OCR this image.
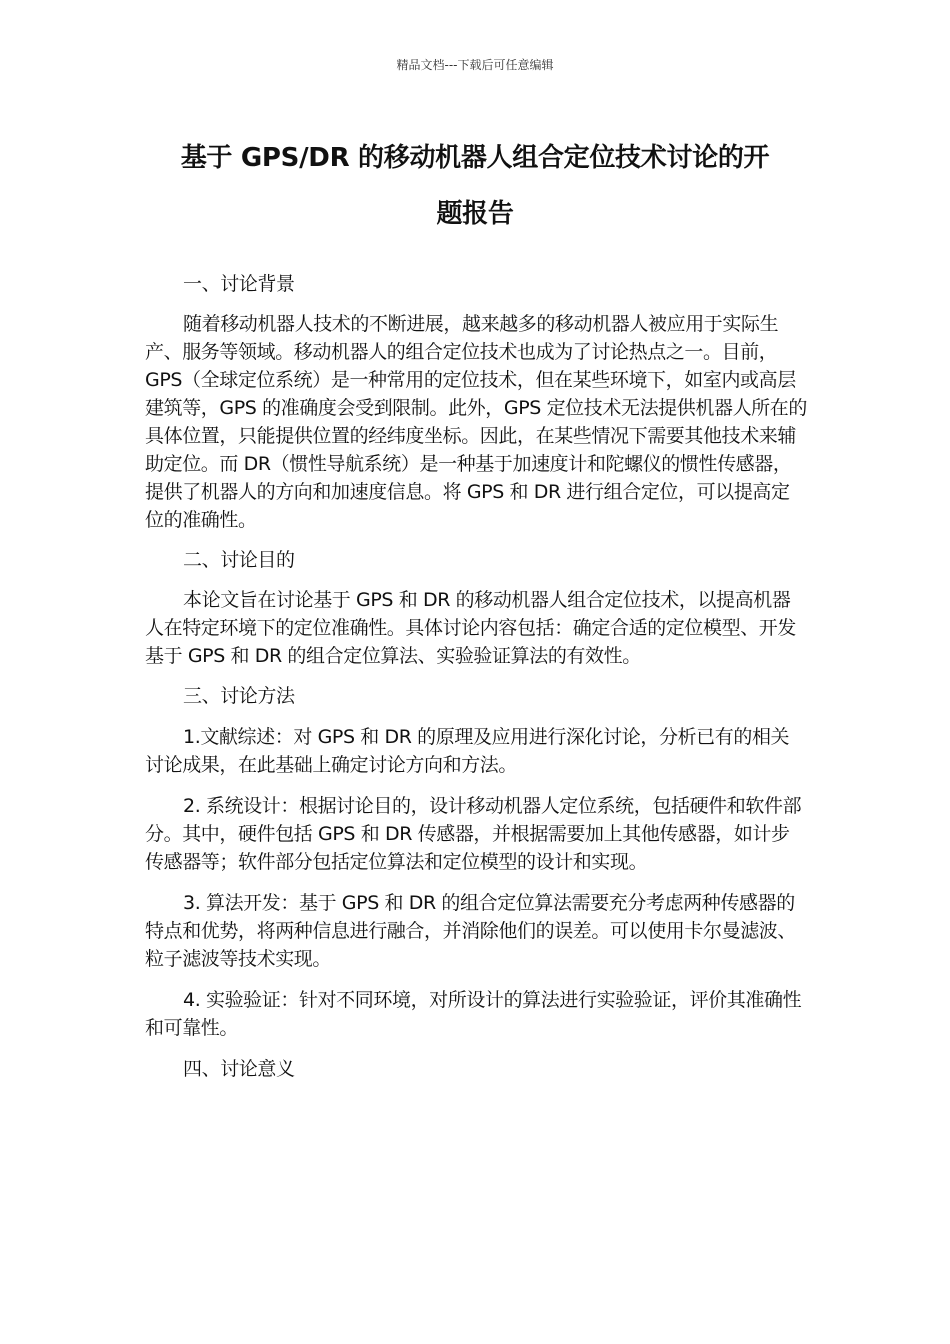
精品文档---下载后可任意编辑
基于 GPS/DR 的移动机器人组合定位技术讨论的开
题报告

一、讨论背景

随着移动机器人技术的不断进展，越来越多的移动机器人被应用于实际生产、服务等领域。移动机器人的组合定位技术也成为了讨论热点之一。目前，GPS（全球定位系统）是一种常用的定位技术，但在某些环境下，如室内或高层建筑等，GPS 的准确度会受到限制。此外，GPS 定位技术无法提供机器人所在的具体位置，只能提供位置的经纬度坐标。因此，在某些情况下需要其他技术来辅助定位。而 DR（惯性导航系统）是一种基于加速度计和陀螺仪的惯性传感器，提供了机器人的方向和加速度信息。将 GPS 和 DR 进行组合定位，可以提高定位的准确性。

二、讨论目的

本论文旨在讨论基于 GPS 和 DR 的移动机器人组合定位技术，以提高机器人在特定环境下的定位准确性。具体讨论内容包括：确定合适的定位模型、开发基于 GPS 和 DR 的组合定位算法、实验验证算法的有效性。

三、讨论方法

1.文献综述：对 GPS 和 DR 的原理及应用进行深化讨论，分析已有的相关讨论成果，在此基础上确定讨论方向和方法。

2. 系统设计：根据讨论目的，设计移动机器人定位系统，包括硬件和软件部分。其中，硬件包括 GPS 和 DR 传感器，并根据需要加上其他传感器，如计步传感器等；软件部分包括定位算法和定位模型的设计和实现。

3. 算法开发：基于 GPS 和 DR 的组合定位算法需要充分考虑两种传感器的特点和优势，将两种信息进行融合，并消除他们的误差。可以使用卡尔曼滤波、粒子滤波等技术实现。

4. 实验验证：针对不同环境，对所设计的算法进行实验验证，评价其准确性和可靠性。

四、讨论意义
